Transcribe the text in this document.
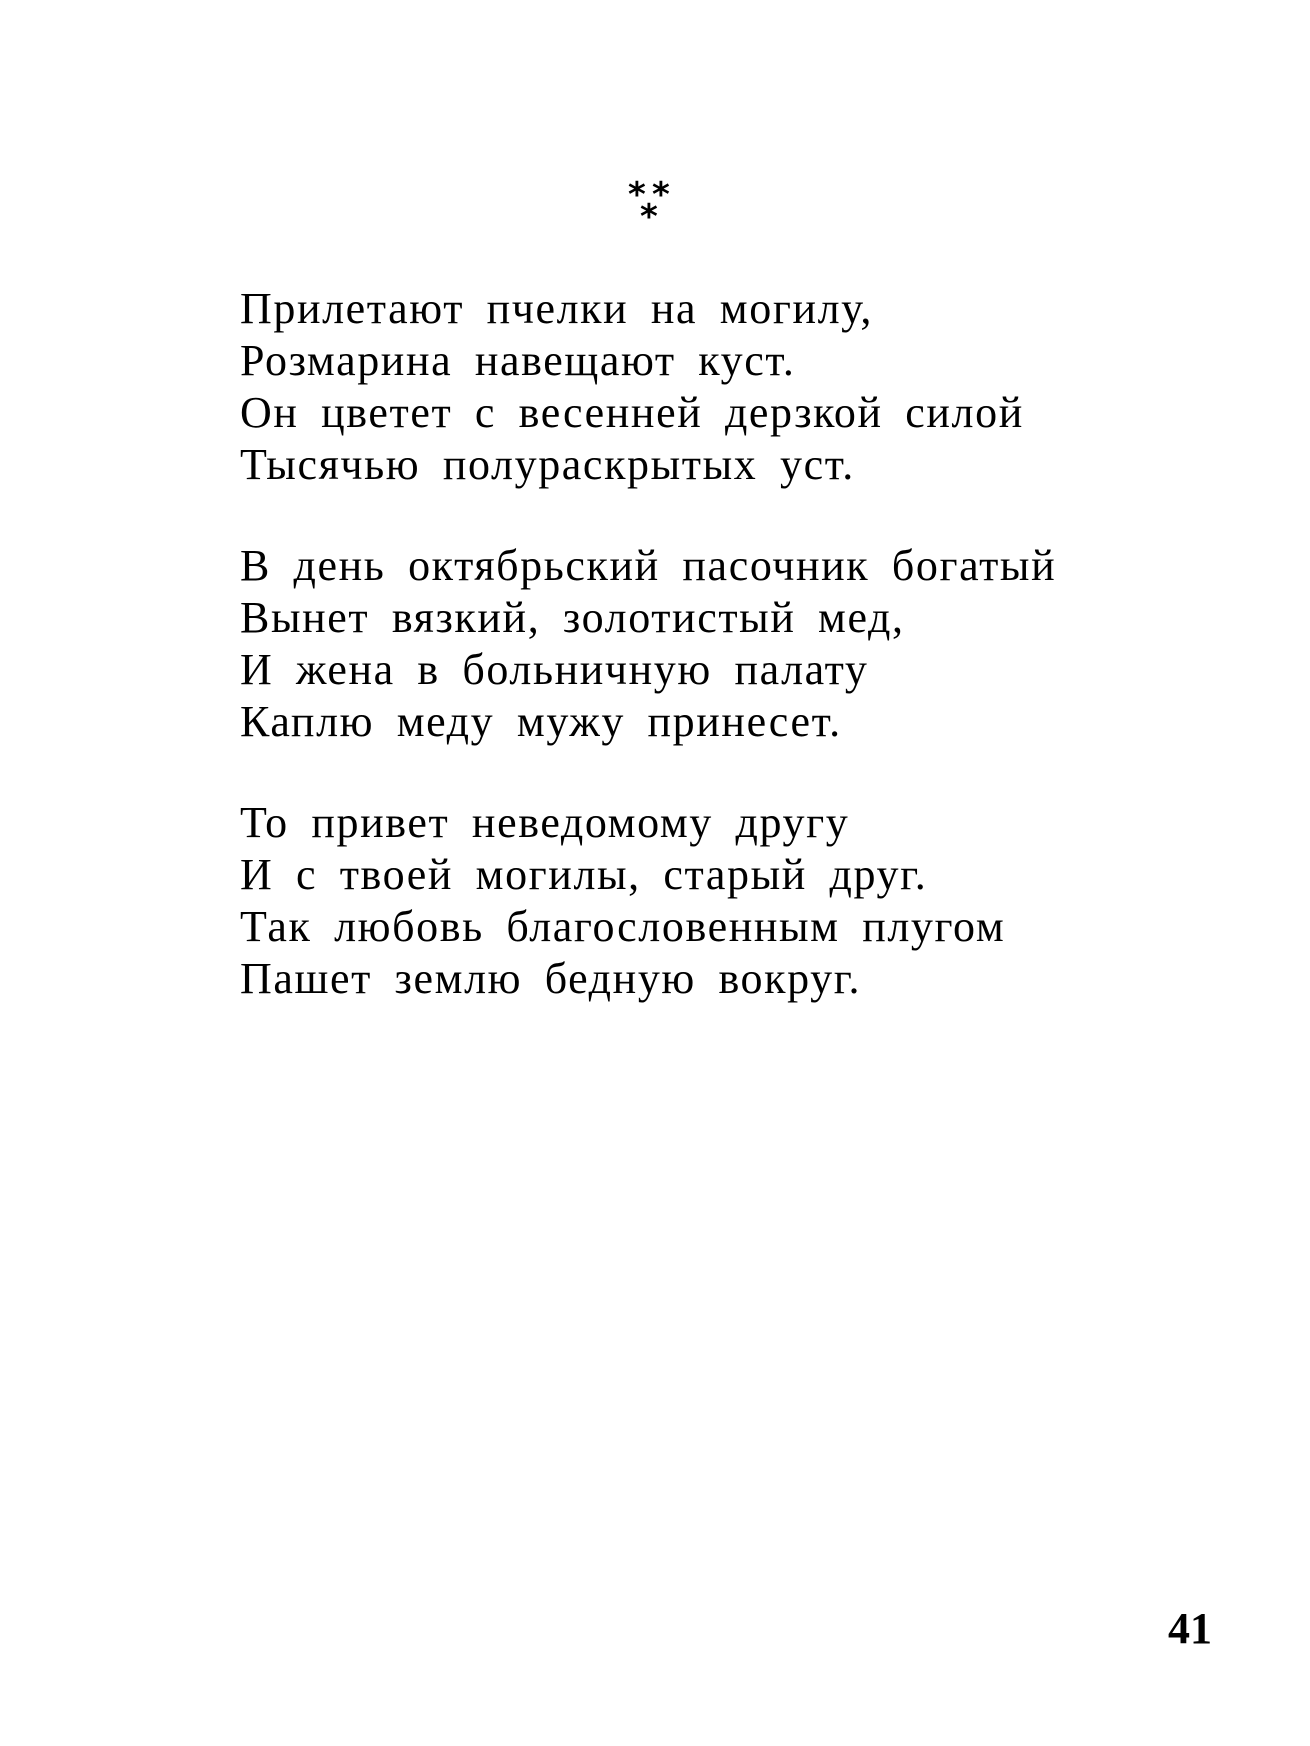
* *
*
Прилетают пчелки на могилу,
Розмарина навещают куст.
Он цветет с весенней дерзкой силой
Тысячью полураскрытых уст.
В день октябрьский пасочник богатый
Вынет вязкий, золотистый мед,
И жена в больничную палату
Каплю меду мужу принесет.
То привет неведомому другу
И с твоей могилы, старый друг.
Так любовь благословенным плугом
Пашет землю бедную вокруг.
41
